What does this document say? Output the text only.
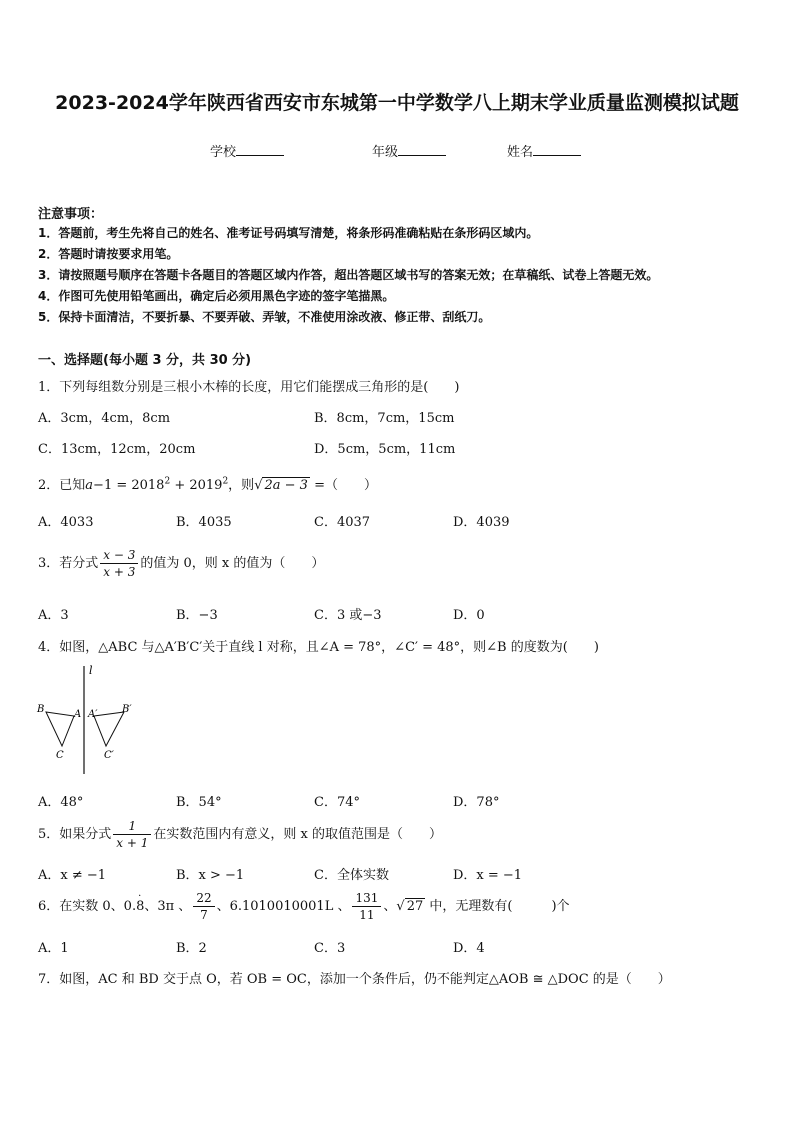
2023-2024学年陕西省西安市东城第一中学数学八上期末学业质量监测模拟试题
学校	年级	姓名
注意事项：
1．答题前，考生先将自己的姓名、准考证号码填写清楚，将条形码准确粘贴在条形码区域内。
2．答题时请按要求用笔。
3．请按照题号顺序在答题卡各题目的答题区域内作答，超出答题区域书写的答案无效；在草稿纸、试卷上答题无效。
4．作图可先使用铅笔画出，确定后必须用黑色字迹的签字笔描黑。
5．保持卡面清洁，不要折暴、不要弄破、弄皱，不准使用涂改液、修正带、刮纸刀。
一、选择题(每小题 3 分，共 30 分)
1．下列每组数分别是三根小木棒的长度，用它们能摆成三角形的是(　　)
A．3cm，4cm，8cm	B．8cm，7cm，15cm
C．13cm，12cm，20cm	D．5cm，5cm，11cm
2．已知$a-1 = 2018^2 + 2019^2$，则√ 2a − 3 =（　　）
A．4033	B．4035	C．4037	D．4039
3．若分式 $\frac{x - 3}{x + 3}$ 的值为 0，则 x 的值为（　　）
A．3	B．−3	C．3 或−3	D．0
4．如图，△ABC 与△A′B′C′关于直线 l 对称，且∠A = 78°，∠C′ = 48°，则∠B 的度数为(　　)
l
B	A
C
A′ B′
C′
A．48°	B．54°	C．74°	D．78°
5．如果分式 $\frac{1}{x + 1}$ 在实数范围内有意义，则 x 的取值范围是（　　）
A．x ≠ −1	B．x > −1	C．全体实数	D．x = −1
6．在实数 0、0.
·
8、3π 、 $\frac{22}{7}$ 、6.1010010001L 、 $\frac{131}{11}$ 、√ 27 中，无理数有(　　　)个
A．1	B．2	C．3	D．4
7．如图，AC 和 BD 交于点 O，若 OB = OC，添加一个条件后，仍不能判定△AOB ≅ △DOC 的是（　　）
